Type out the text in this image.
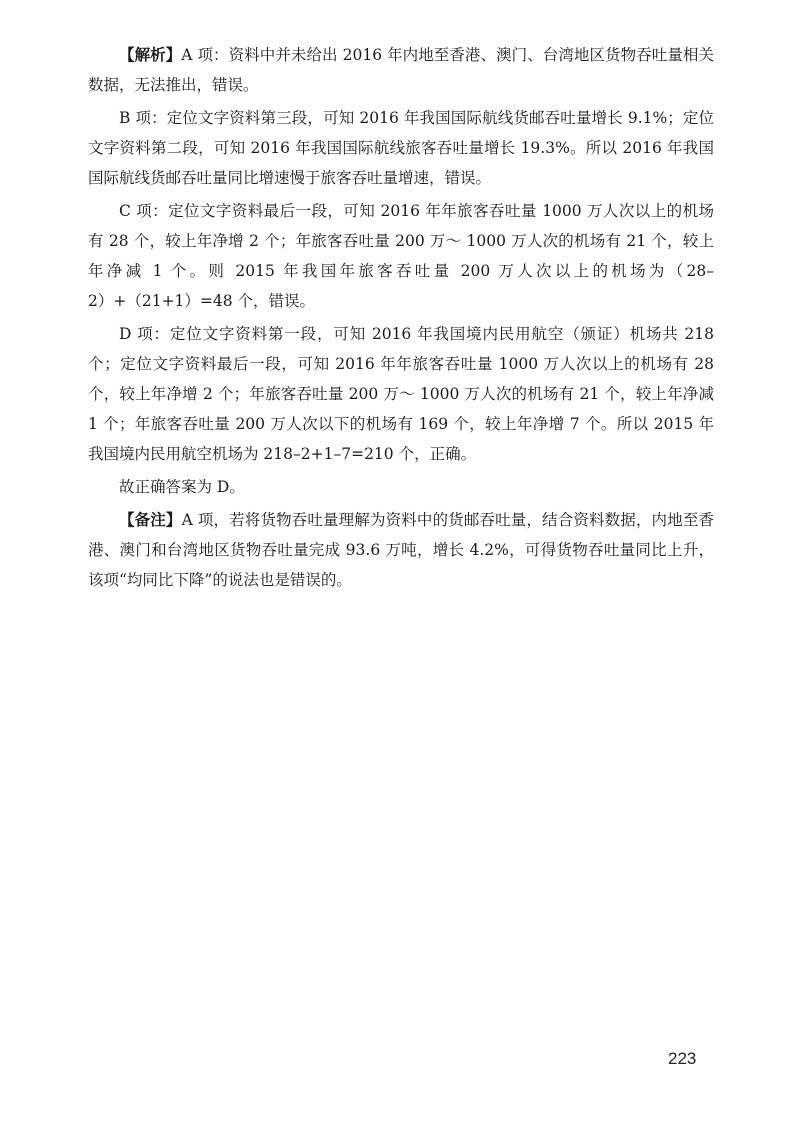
【解析】A 项：资料中并未给出 2016 年内地至香港、澳门、台湾地区货物吞吐量相关数据，无法推出，错误。

B 项：定位文字资料第三段，可知 2016 年我国国际航线货邮吞吐量增长 9.1%；定位文字资料第二段，可知 2016 年我国国际航线旅客吞吐量增长 19.3%。所以 2016 年我国国际航线货邮吞吐量同比增速慢于旅客吞吐量增速，错误。

C 项：定位文字资料最后一段，可知 2016 年年旅客吞吐量 1000 万人次以上的机场有 28 个，较上年净增 2 个；年旅客吞吐量 200 万～ 1000 万人次的机场有 21 个，较上年净减 1 个。则 2015 年我国年旅客吞吐量 200 万人次以上的机场为（28–2）+（21+1）=48 个，错误。

D 项：定位文字资料第一段，可知 2016 年我国境内民用航空（颁证）机场共 218 个；定位文字资料最后一段，可知 2016 年年旅客吞吐量 1000 万人次以上的机场有 28 个，较上年净增 2 个；年旅客吞吐量 200 万～ 1000 万人次的机场有 21 个，较上年净减 1 个；年旅客吞吐量 200 万人次以下的机场有 169 个，较上年净增 7 个。所以 2015 年我国境内民用航空机场为 218–2+1–7=210 个，正确。

故正确答案为 D。

【备注】A 项，若将货物吞吐量理解为资料中的货邮吞吐量，结合资料数据，内地至香港、澳门和台湾地区货物吞吐量完成 93.6 万吨，增长 4.2%，可得货物吞吐量同比上升，该项“均同比下降”的说法也是错误的。

223
